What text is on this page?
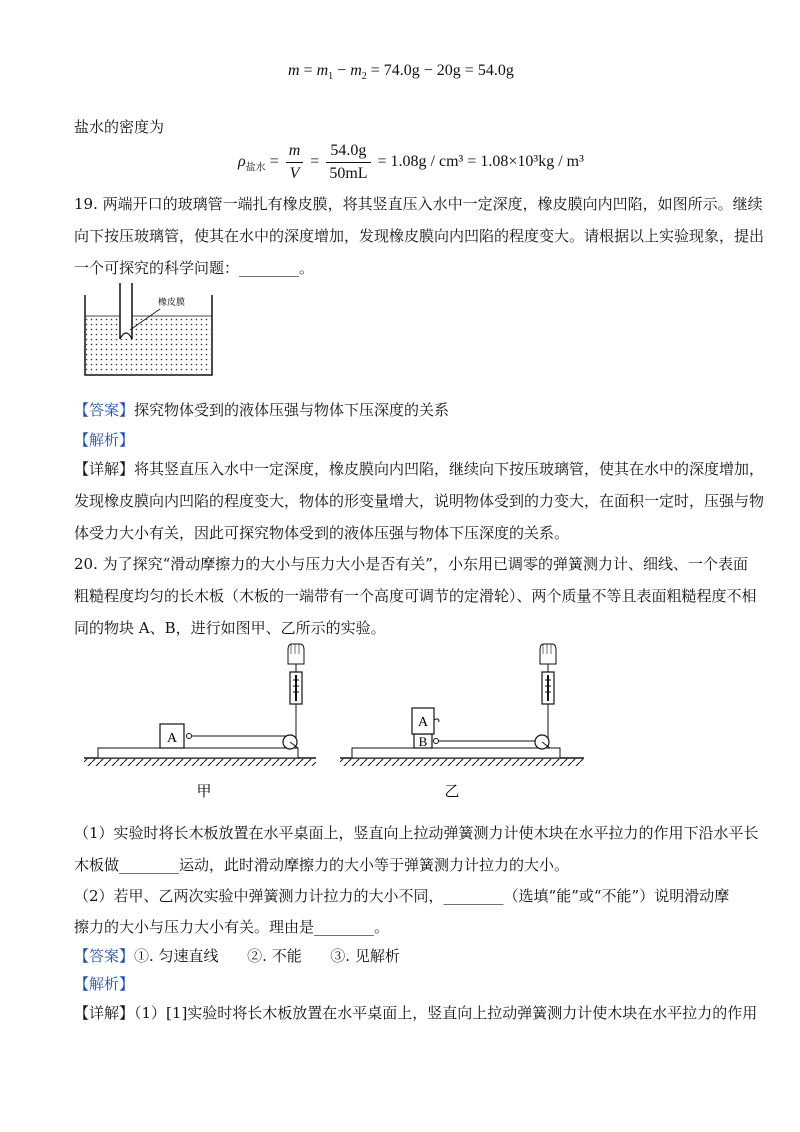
$m = m_1 - m_2 = 74.0g - 20g = 54.0g$
盐水的密度为
$\rho_{盐水} = \frac{m}{V} = \frac{54.0g}{50mL} = 1.08g / cm^3 = 1.08\times 10^3kg / m^3$
19. 两端开口的玻璃管一端扎有橡皮膜，将其竖直压入水中一定深度，橡皮膜向内凹陷，如图所示。继续
向下按压玻璃管，使其在水中的深度增加，发现橡皮膜向内凹陷的程度变大。请根据以上实验现象，提出
一个可探究的科学问题：________。
橡皮膜
【答案】探究物体受到的液体压强与物体下压深度的关系
【解析】
【详解】将其竖直压入水中一定深度，橡皮膜向内凹陷，继续向下按压玻璃管，使其在水中的深度增加，
发现橡皮膜向内凹陷的程度变大，物体的形变量增大，说明物体受到的力变大，在面积一定时，压强与物
体受力大小有关，因此可探究物体受到的液体压强与物体下压深度的关系。
20. 为了探究“滑动摩擦力的大小与压力大小是否有关”，小东用已调零的弹簧测力计、细线、一个表面
粗糙程度均匀的长木板（木板的一端带有一个高度可调节的定滑轮）、两个质量不等且表面粗糙程度不相
同的物块 A、B，进行如图甲、乙所示的实验。
A	B
A
甲	乙
（1）实验时将长木板放置在水平桌面上，竖直向上拉动弹簧测力计使木块在水平拉力的作用下沿水平长
木板做________运动，此时滑动摩擦力的大小等于弹簧测力计拉力的大小。
（2）若甲、乙两次实验中弹簧测力计拉力的大小不同，________（选填“能”或“不能”）说明滑动摩
擦力的大小与压力大小有关。理由是________。
【答案】①. 匀速直线      ②. 不能      ③. 见解析
【解析】
【详解】（1）[1]实验时将长木板放置在水平桌面上，竖直向上拉动弹簧测力计使木块在水平拉力的作用
